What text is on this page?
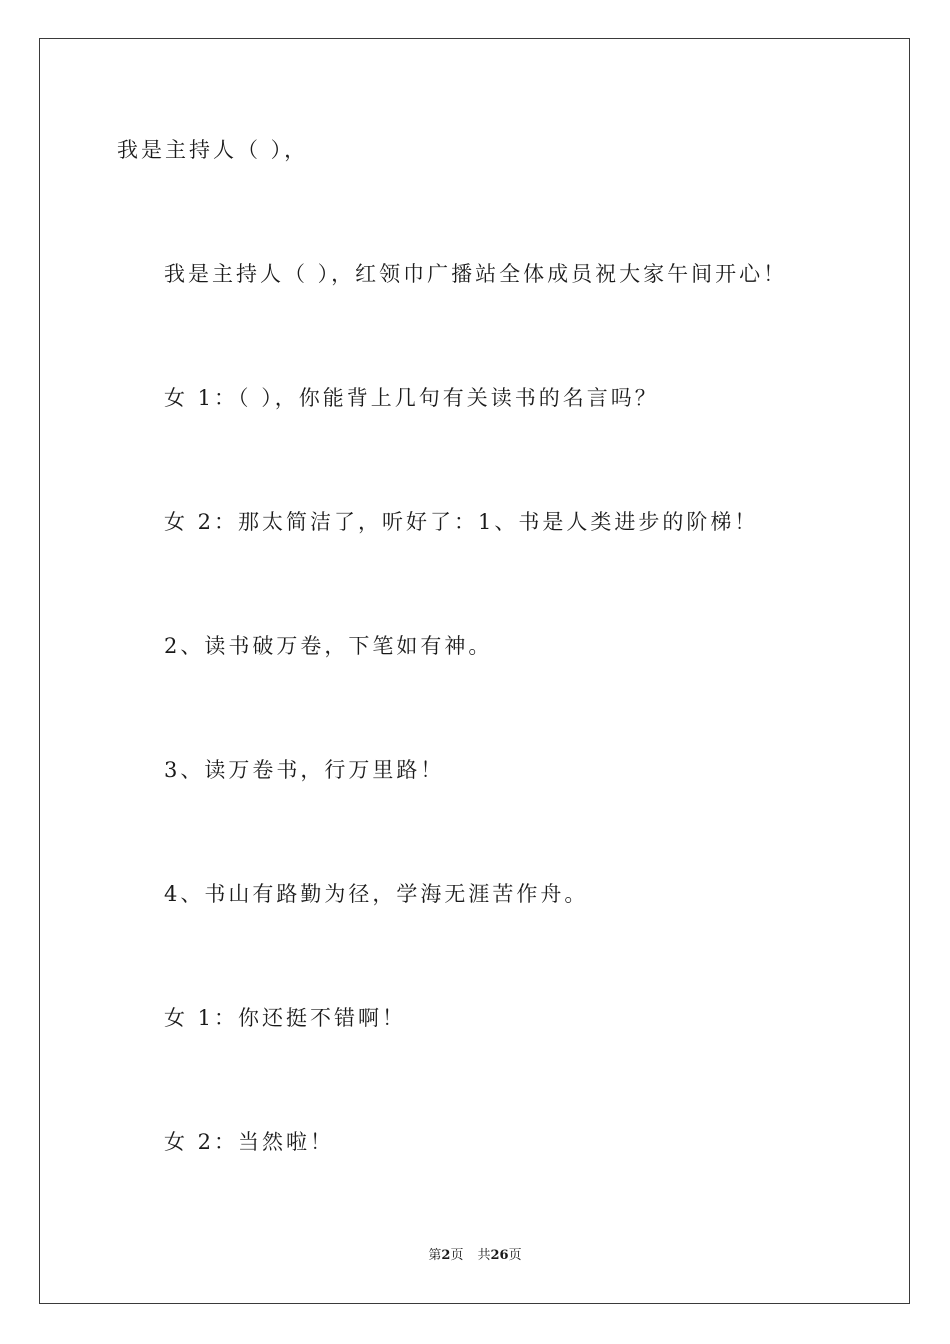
我是主持人（ ），

我是主持人（ ），红领巾广播站全体成员祝大家午间开心！

女 1：（ ），你能背上几句有关读书的名言吗？

女 2：那太简洁了，听好了：1、书是人类进步的阶梯！

2、读书破万卷，下笔如有神。

3、读万卷书，行万里路！

4、书山有路勤为径，学海无涯苦作舟。

女 1：你还挺不错啊！

女 2：当然啦！

第2页 共26页
